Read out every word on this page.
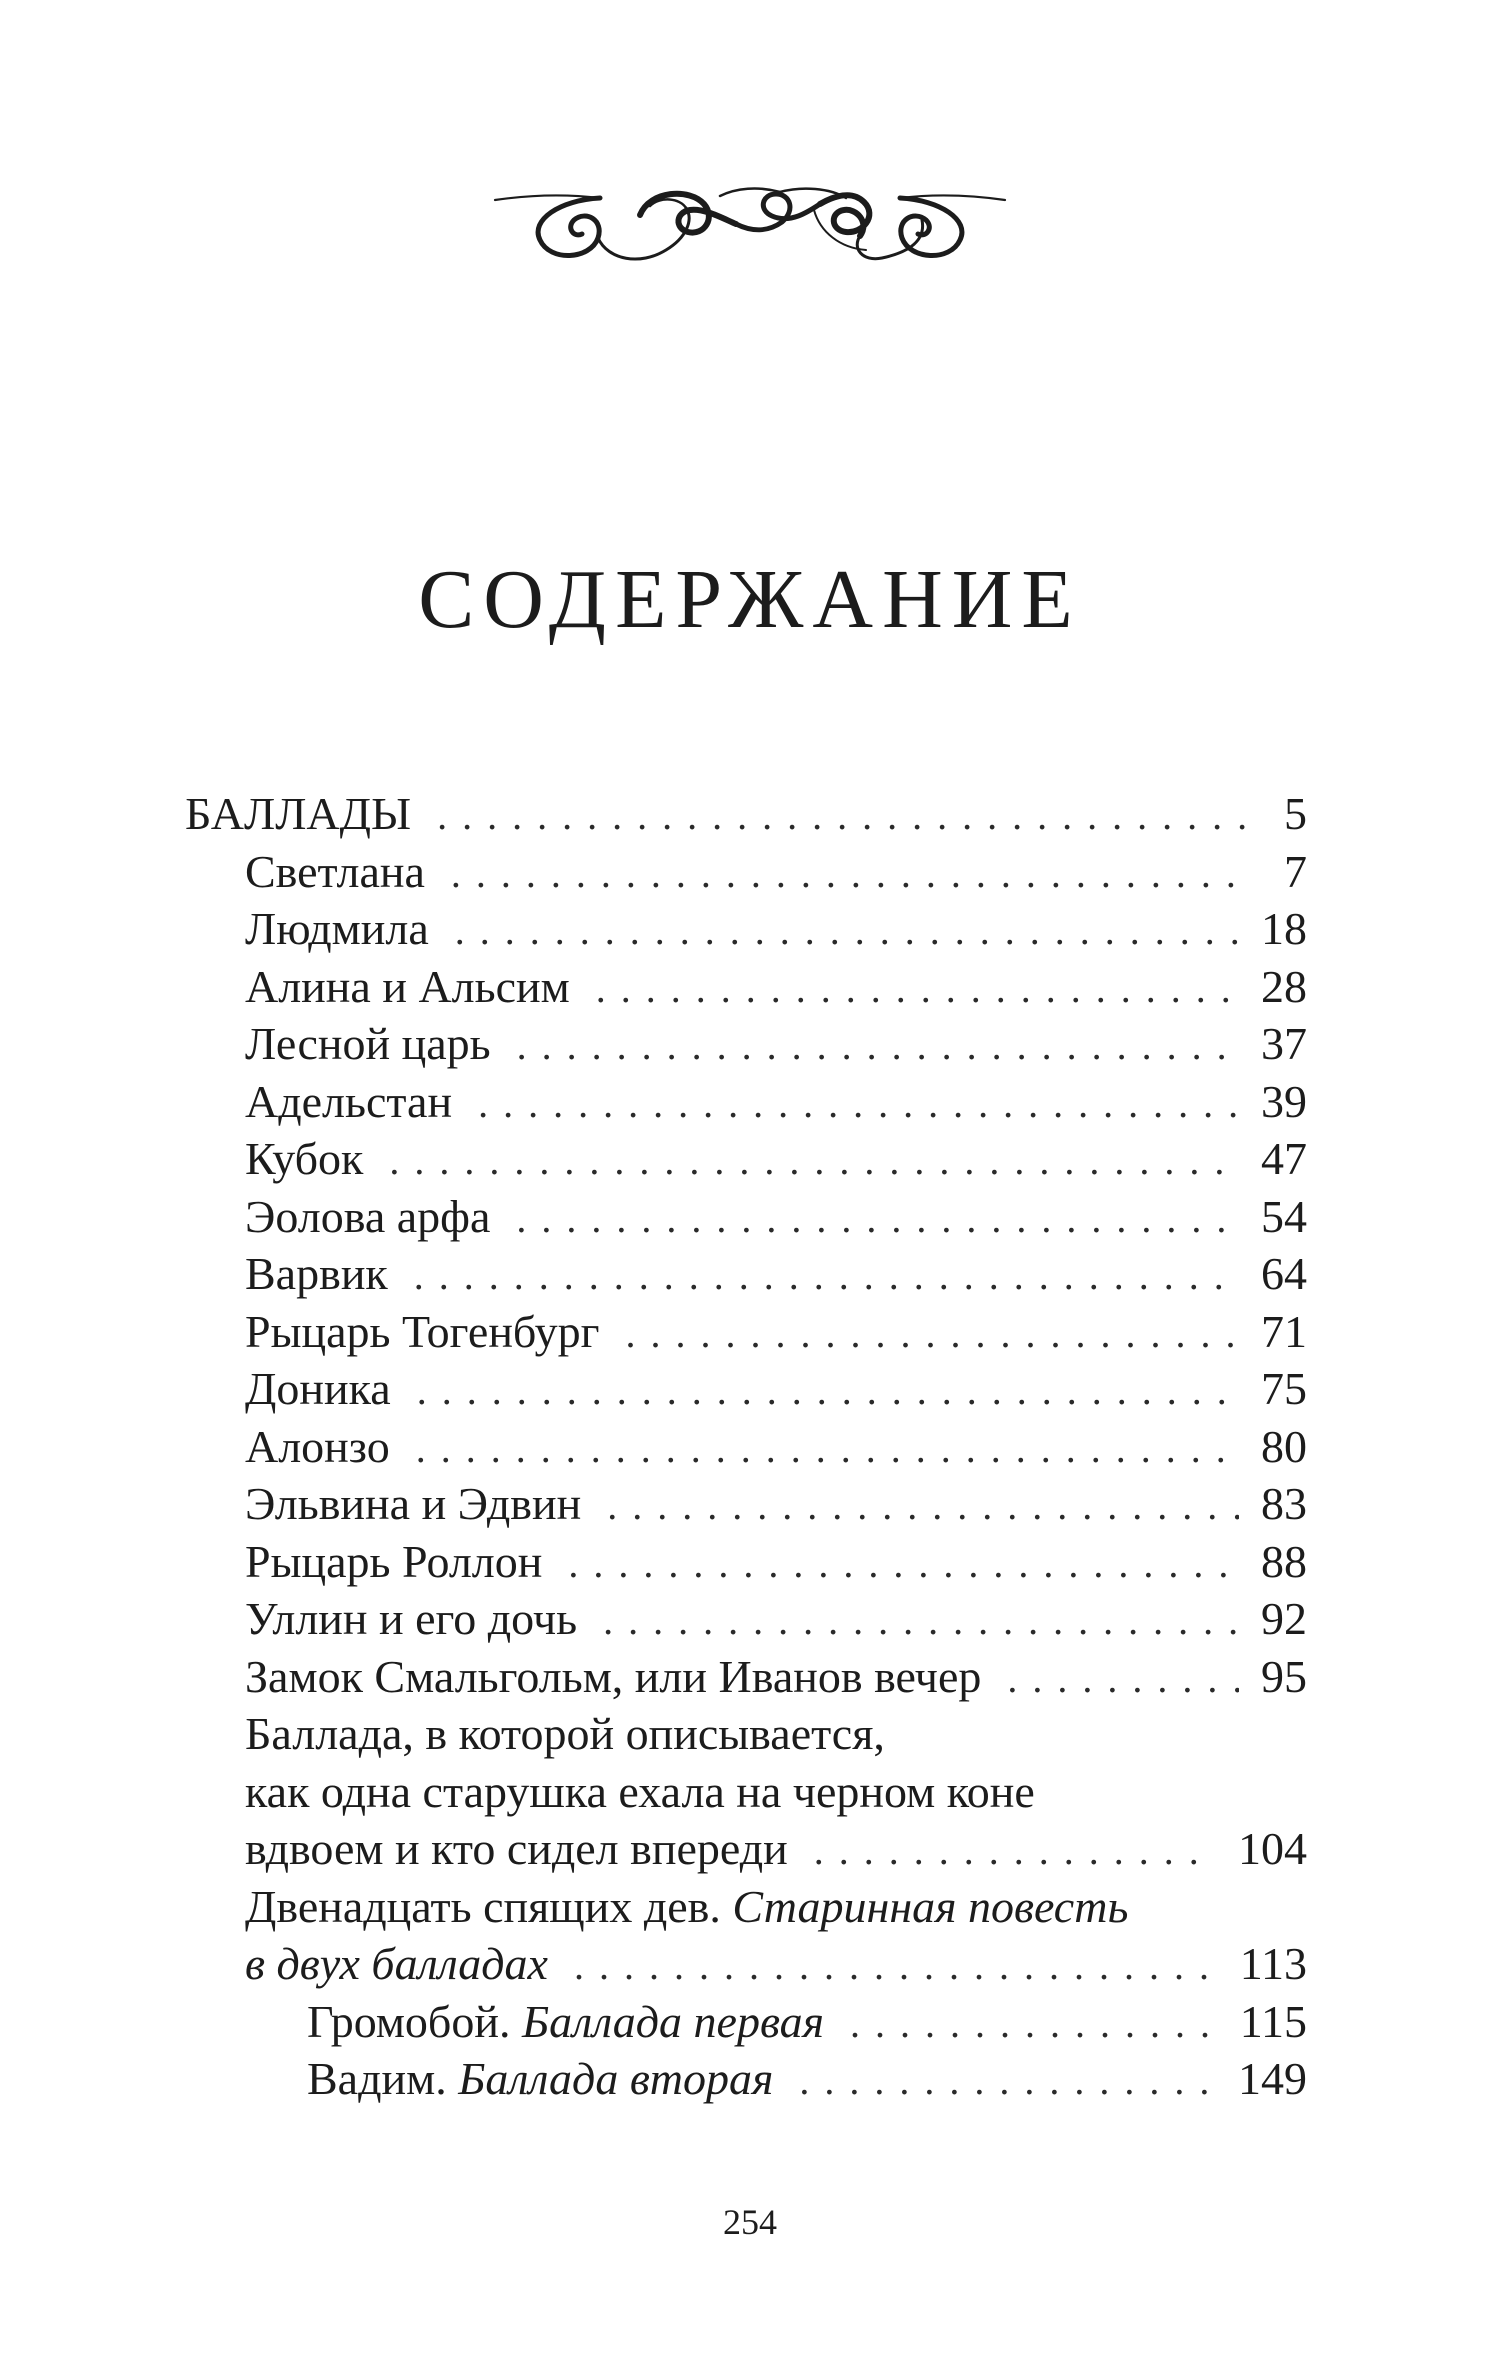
СОДЕРЖАНИЕ
БАЛЛАДЫ . . .	5
Светлана . . .	7
Людмила . . .	18
Алина и Альсим . . .	28
Лесной царь . . .	37
Адельстан . . .	39
Кубок . . .	47
Эолова арфа . . .	54
Варвик . . .	64
Рыцарь Тогенбург . . .	71
Доника . . .	75
Алонзо . . .	80
Эльвина и Эдвин . . .	83
Рыцарь Роллон . . .	88
Уллин и его дочь . . .	92
Замок Смальгольм, или Иванов вечер . . .	95
Баллада, в которой описывается,
как одна старушка ехала на черном коне
вдвоем и кто сидел впереди . . .	104
Двенадцать спящих дев. Старинная повесть
в двух балладах . . .	113
Громобой. Баллада первая . . .	115
Вадим. Баллада вторая . . .	149
254
